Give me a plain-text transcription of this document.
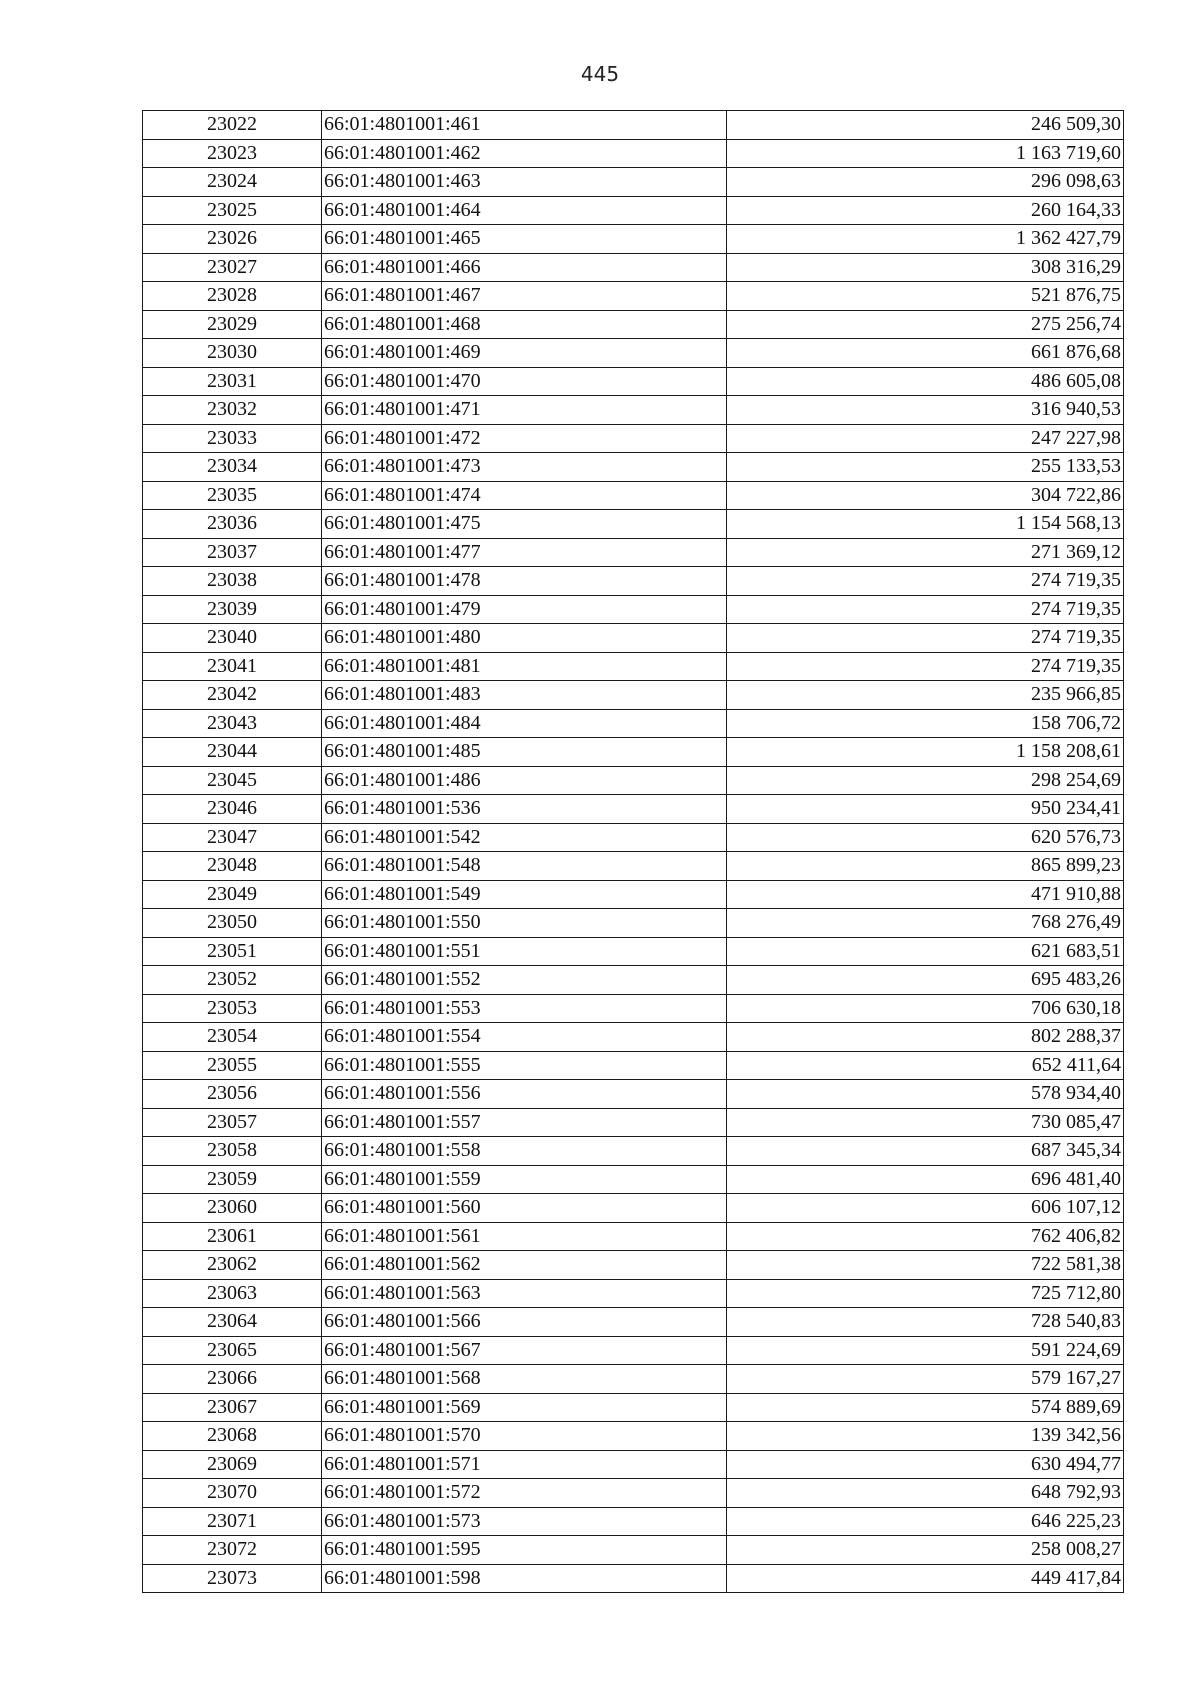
445
23022	66:01:4801001:461	246 509,30
23023	66:01:4801001:462	1 163 719,60
23024	66:01:4801001:463	296 098,63
23025	66:01:4801001:464	260 164,33
23026	66:01:4801001:465	1 362 427,79
23027	66:01:4801001:466	308 316,29
23028	66:01:4801001:467	521 876,75
23029	66:01:4801001:468	275 256,74
23030	66:01:4801001:469	661 876,68
23031	66:01:4801001:470	486 605,08
23032	66:01:4801001:471	316 940,53
23033	66:01:4801001:472	247 227,98
23034	66:01:4801001:473	255 133,53
23035	66:01:4801001:474	304 722,86
23036	66:01:4801001:475	1 154 568,13
23037	66:01:4801001:477	271 369,12
23038	66:01:4801001:478	274 719,35
23039	66:01:4801001:479	274 719,35
23040	66:01:4801001:480	274 719,35
23041	66:01:4801001:481	274 719,35
23042	66:01:4801001:483	235 966,85
23043	66:01:4801001:484	158 706,72
23044	66:01:4801001:485	1 158 208,61
23045	66:01:4801001:486	298 254,69
23046	66:01:4801001:536	950 234,41
23047	66:01:4801001:542	620 576,73
23048	66:01:4801001:548	865 899,23
23049	66:01:4801001:549	471 910,88
23050	66:01:4801001:550	768 276,49
23051	66:01:4801001:551	621 683,51
23052	66:01:4801001:552	695 483,26
23053	66:01:4801001:553	706 630,18
23054	66:01:4801001:554	802 288,37
23055	66:01:4801001:555	652 411,64
23056	66:01:4801001:556	578 934,40
23057	66:01:4801001:557	730 085,47
23058	66:01:4801001:558	687 345,34
23059	66:01:4801001:559	696 481,40
23060	66:01:4801001:560	606 107,12
23061	66:01:4801001:561	762 406,82
23062	66:01:4801001:562	722 581,38
23063	66:01:4801001:563	725 712,80
23064	66:01:4801001:566	728 540,83
23065	66:01:4801001:567	591 224,69
23066	66:01:4801001:568	579 167,27
23067	66:01:4801001:569	574 889,69
23068	66:01:4801001:570	139 342,56
23069	66:01:4801001:571	630 494,77
23070	66:01:4801001:572	648 792,93
23071	66:01:4801001:573	646 225,23
23072	66:01:4801001:595	258 008,27
23073	66:01:4801001:598	449 417,84
